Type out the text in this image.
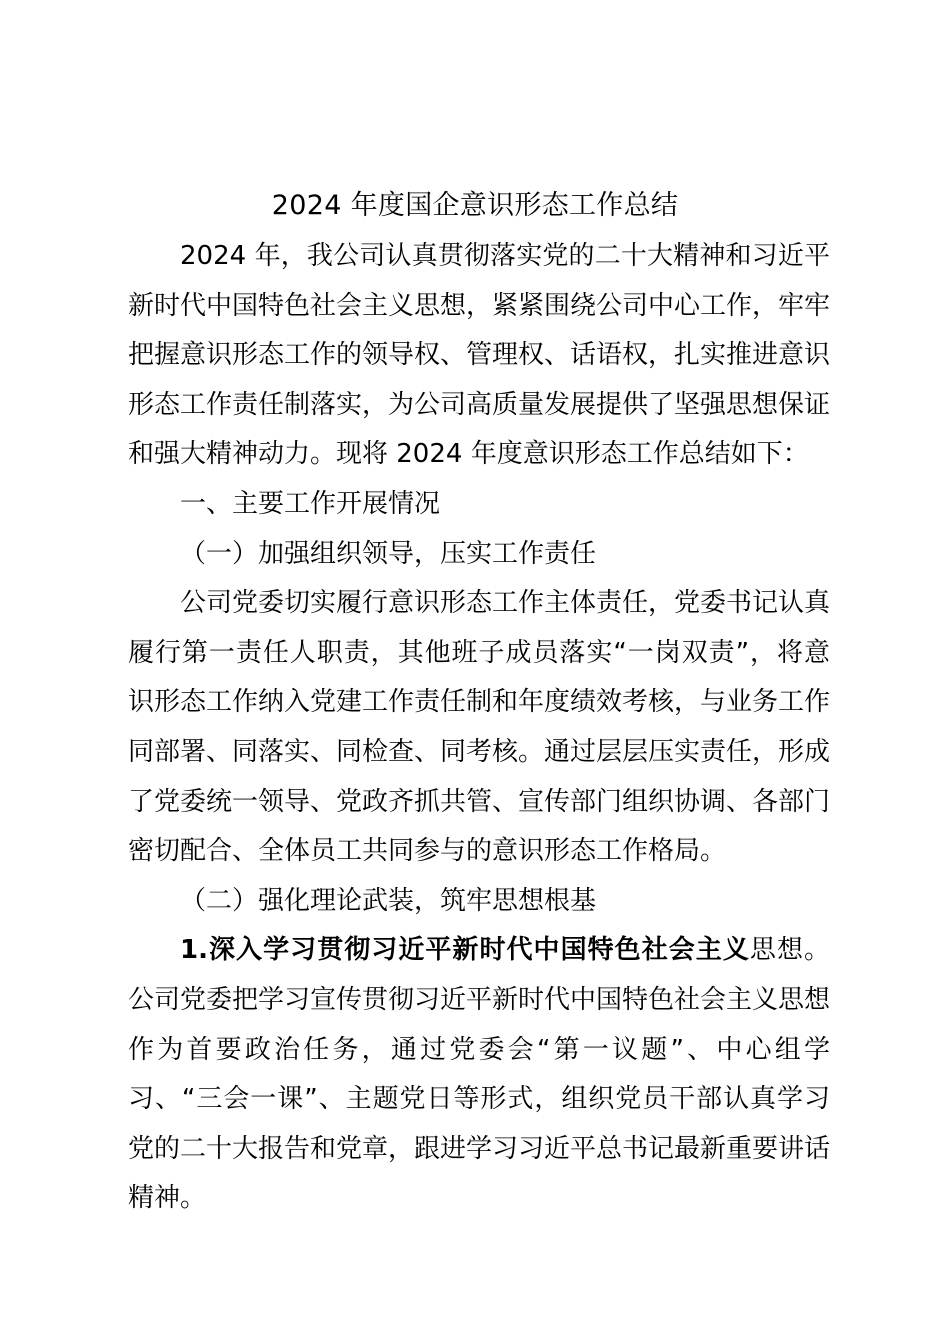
2024 年度国企意识形态工作总结

2024 年，我公司认真贯彻落实党的二十大精神和习近平新时代中国特色社会主义思想，紧紧围绕公司中心工作，牢牢把握意识形态工作的领导权、管理权、话语权，扎实推进意识形态工作责任制落实，为公司高质量发展提供了坚强思想保证和强大精神动力。现将 2024 年度意识形态工作总结如下：

一、主要工作开展情况

（一）加强组织领导，压实工作责任

公司党委切实履行意识形态工作主体责任，党委书记认真履行第一责任人职责，其他班子成员落实“一岗双责”，将意识形态工作纳入党建工作责任制和年度绩效考核，与业务工作同部署、同落实、同检查、同考核。通过层层压实责任，形成了党委统一领导、党政齐抓共管、宣传部门组织协调、各部门密切配合、全体员工共同参与的意识形态工作格局。

（二）强化理论武装，筑牢思想根基

1.深入学习贯彻习近平新时代中国特色社会主义思想。公司党委把学习宣传贯彻习近平新时代中国特色社会主义思想作为首要政治任务，通过党委会“第一议题”、中心组学习、“三会一课”、主题党日等形式，组织党员干部认真学习党的二十大报告和党章，跟进学习习近平总书记最新重要讲话精神。
